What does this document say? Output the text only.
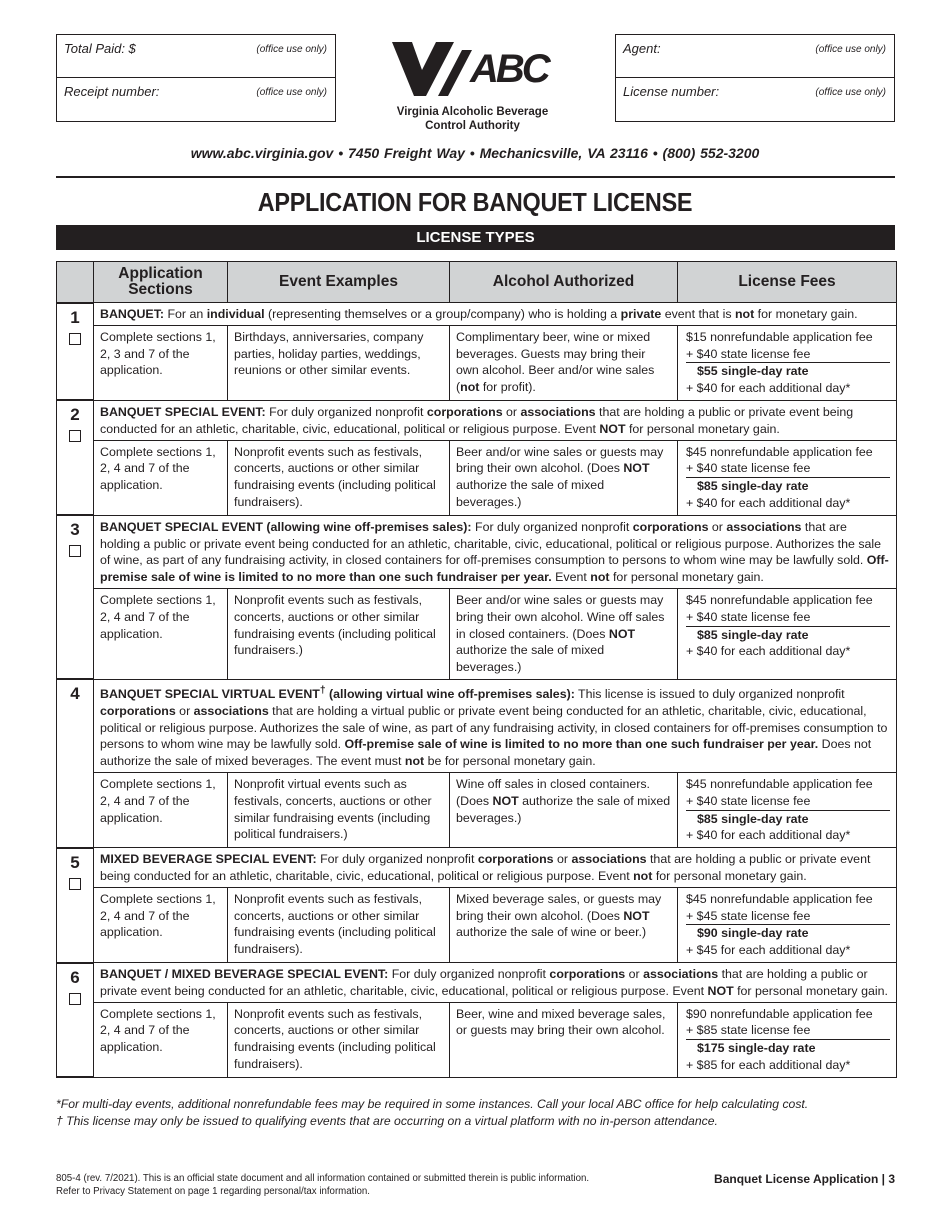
Total Paid: $	(office use only)
Receipt number:	(office use only)
Agent:	(office use only)
License number:	(office use only)
ABC
Virginia Alcoholic Beverage
Control Authority
www.abc.virginia.gov • 7450 Freight Way • Mechanicsville, VA 23116 • (800) 552-3200
APPLICATION FOR BANQUET LICENSE
LICENSE TYPES
	Application Sections	Event Examples	Alcohol Authorized	License Fees

1	BANQUET: For an individual (representing themselves or a group/company) who is holding a private event that is not for monetary gain.			
	Complete sections 1, 2, 3 and 7 of the application.	Birthdays, anniversaries, company parties, holiday parties, weddings, reunions or other similar events.	Complimentary beer, wine or mixed beverages. Guests may bring their own alcohol. Beer and/or wine sales (not for profit).	$15 nonrefundable application fee
+ $40 state license fee
$55 single-day rate
+ $40 for each additional day*

2	BANQUET SPECIAL EVENT: For duly organized nonprofit corporations or associations that are holding a public or private event being conducted for an athletic, charitable, civic, educational, political or religious purpose. Event NOT for personal monetary gain.			
	Complete sections 1, 2, 4 and 7 of the application.	Nonprofit events such as festivals, concerts, auctions or other similar fundraising events (including political fundraisers).	Beer and/or wine sales or guests may bring their own alcohol. (Does NOT authorize the sale of mixed beverages.)	$45 nonrefundable application fee
+ $40 state license fee
$85 single-day rate
+ $40 for each additional day*

3	BANQUET SPECIAL EVENT (allowing wine off-premises sales): For duly organized nonprofit corporations or associations that are holding a public or private event being conducted for an athletic, charitable, civic, educational, political or religious purpose. Authorizes the sale of wine, as part of any fundraising activity, in closed containers for off-premises consumption to persons to whom wine may be lawfully sold. Off-premise sale of wine is limited to no more than one such fundraiser per year. Event not for personal monetary gain.			
	Complete sections 1, 2, 4 and 7 of the application.	Nonprofit events such as festivals, concerts, auctions or other similar fundraising events (including political fundraisers.)	Beer and/or wine sales or guests may bring their own alcohol. Wine off sales in closed containers. (Does NOT authorize the sale of mixed beverages.)	$45 nonrefundable application fee
+ $40 state license fee
$85 single-day rate
+ $40 for each additional day*

4	BANQUET SPECIAL VIRTUAL EVENT† (allowing virtual wine off-premises sales): This license is issued to duly organized nonprofit corporations or associations that are holding a virtual public or private event being conducted for an athletic, charitable, civic, educational, political or religious purpose. Authorizes the sale of wine, as part of any fundraising activity, in closed containers for off-premises consumption to persons to whom wine may be lawfully sold. Off-premise sale of wine is limited to no more than one such fundraiser per year. Does not authorize the sale of mixed beverages. The event must not be for personal monetary gain.			
	Complete sections 1, 2, 4 and 7 of the application.	Nonprofit virtual events such as festivals, concerts, auctions or other similar fundraising events (including political fundraisers.)	Wine off sales in closed containers. (Does NOT authorize the sale of mixed beverages.)	$45 nonrefundable application fee
+ $40 state license fee
$85 single-day rate
+ $40 for each additional day*

5	MIXED BEVERAGE SPECIAL EVENT: For duly organized nonprofit corporations or associations that are holding a public or private event being conducted for an athletic, charitable, civic, educational, political or religious purpose. Event not for personal monetary gain.			
	Complete sections 1, 2, 4 and 7 of the application.	Nonprofit events such as festivals, concerts, auctions or other similar fundraising events (including political fundraisers).	Mixed beverage sales, or guests may bring their own alcohol. (Does NOT authorize the sale of wine or beer.)	$45 nonrefundable application fee
+ $45 state license fee
$90 single-day rate
+ $45 for each additional day*

6	BANQUET / MIXED BEVERAGE SPECIAL EVENT: For duly organized nonprofit corporations or associations that are holding a public or private event being conducted for an athletic, charitable, civic, educational, political or religious purpose. Event NOT for personal monetary gain.			
	Complete sections 1, 2, 4 and 7 of the application.	Nonprofit events such as festivals, concerts, auctions or other similar fundraising events (including political fundraisers).	Beer, wine and mixed beverage sales, or guests may bring their own alcohol.	$90 nonrefundable application fee
+ $85 state license fee
$175 single-day rate
+ $85 for each additional day*
*For multi-day events, additional nonrefundable fees may be required in some instances. Call your local ABC office for help calculating cost.
† This license may only be issued to qualifying events that are occurring on a virtual platform with no in-person attendance.
805-4 (rev. 7/2021). This is an official state document and all information contained or submitted therein is public information.
Refer to Privacy Statement on page 1 regarding personal/tax information.
Banquet License Application | 3
